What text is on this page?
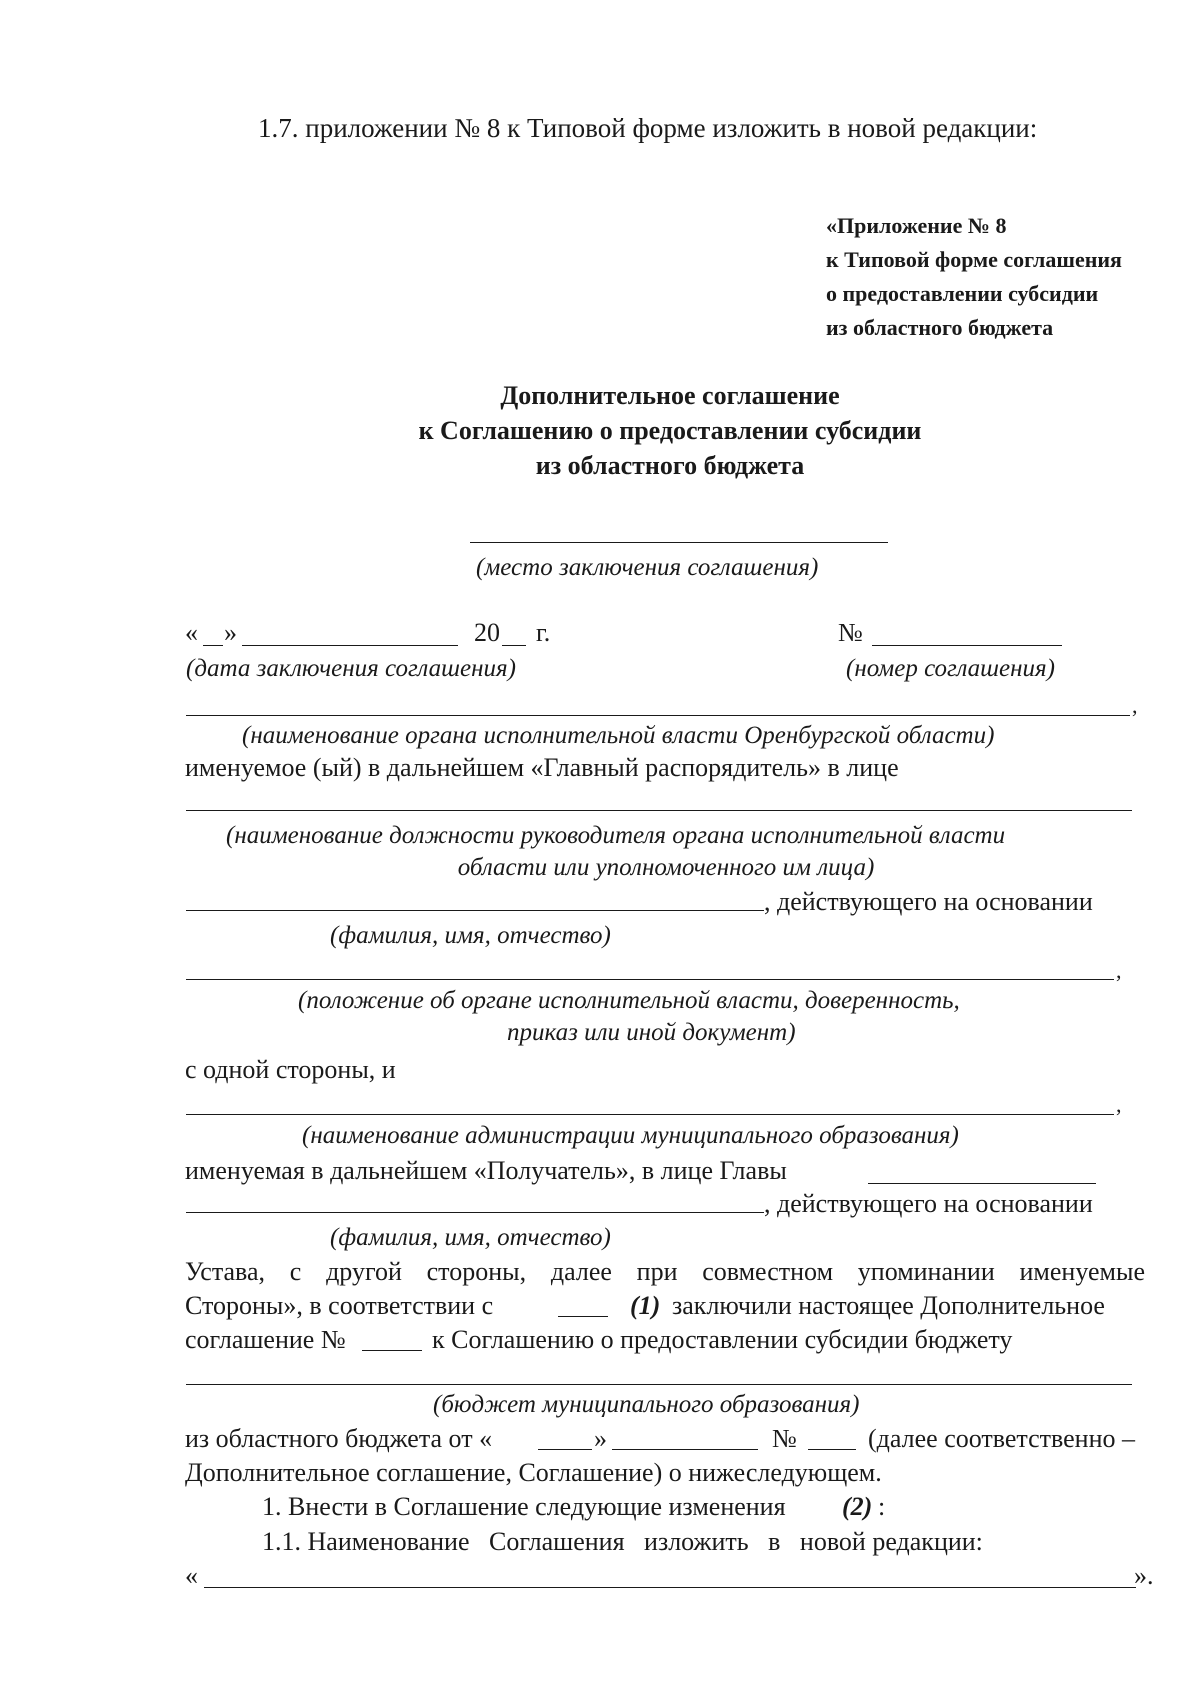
1.7. приложении № 8 к Типовой форме изложить в новой редакции:
«Приложение № 8
к Типовой форме соглашения
о предоставлении субсидии
из областного бюджета
Дополнительное соглашение
к Соглашению о предоставлении субсидии
из областного бюджета
(место заключения соглашения)
« »	20 г.	№
(дата заключения соглашения)	(номер соглашения)
,
(наименование органа исполнительной власти Оренбургской области)
именуемое (ый) в дальнейшем «Главный распорядитель» в лице
(наименование должности руководителя органа исполнительной власти
области или уполномоченного им лица)
, действующего на основании
(фамилия, имя, отчество)
,
(положение об органе исполнительной власти, доверенность,
приказ или иной документ)
с одной стороны, и
,
(наименование администрации муниципального образования)
именуемая в дальнейшем «Получатель», в лице Главы
, действующего на основании
(фамилия, имя, отчество)
Устава, с другой стороны, далее при совместном упоминании именуемые
Стороны», в соответствии с	(1) заключили настоящее Дополнительное
соглашение №	к Соглашению о предоставлении субсидии бюджету
(бюджет муниципального образования)
из областного бюджета от «	»	№	(далее соответственно –
Дополнительное соглашение, Соглашение) о нижеследующем.
1. Внести в Соглашение следующие изменения (2) :
1.1. Наименование   Соглашения   изложить   в   новой редакции:
«	».
